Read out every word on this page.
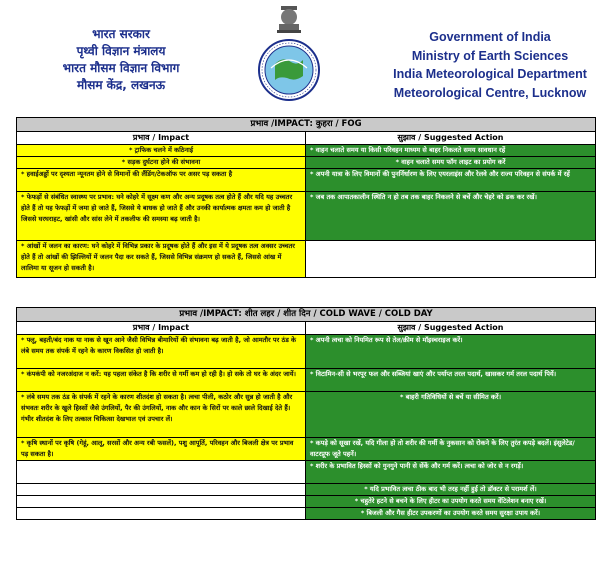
भारत सरकार
पृथ्वी विज्ञान मंत्रालय
भारत मौसम विज्ञान विभाग
मौसम केंद्र, लखनऊ
Government of India
Ministry of Earth Sciences
India Meteorological Department
Meteorological Centre, Lucknow
प्रभाव /IMPACT: कुहरा / FOG	
प्रभाव / Impact	सुझाव / Suggested Action
* ट्राफिक चलने में कठिनाई	* वाहन चलाते समय या किसी परिवहन माध्यम से बाहर निकलते समय सावधान रहें
* सड़क दुर्घटना होने की संभावना	* वाहन चलाते समय फॉग लाइट का प्रयोग करें
* हवाईअड्डों पर दृश्यता न्यूनतम होने से विमानों की लैंडिंग/टेकऑफ पर असर पड़ सकता है	* अपनी यात्रा के लिए विमानों की पुनर्निर्धारण के लिए एयरलाइंस और रेलवे और राज्य परिवहन से संपर्क में रहें
* फेफड़ों से संबंधित स्वास्थ्य पर प्रभाव: घने कोहरे में सूक्ष्म कण और अन्य प्रदूषक तत्व होते हैं और यदि यह उच्चतर होते हैं तो यह फेफड़ों में जमा हो जाते हैं, जिससे ये बाधक हो जाते हैं और उनकी कार्यात्मक क्षमता कम हो जाती है जिससे घरघराहट, खांसी और सांस लेने में तकलीफ की समस्या बढ़ जाती है।	* जब तक आपातकालीन स्थिति न हो तब तक बाहर निकलने से बचें और चेहरे को ढक कर रखें।
* आंखों में जलन का कारण: घने कोहरे में विभिन्न प्रकार के प्रदूषक होते हैं और इस में ये प्रदूषक तत्व अक्सर उच्चतर होते हैं तो आंखों की झिल्लियों में जलन पैदा कर सकते हैं, जिससे विभिन्न संक्रमण हो सकते हैं, जिससे आंख में लालिमा या सूजन हो सकती है।	
प्रभाव /IMPACT: शीत लहर / शीत दिन / COLD WAVE / COLD DAY	
प्रभाव / Impact	सुझाव / Suggested Action
* फ्लू, बहती/बंद नाक या नाक से खून आने जैसी विभिन्न बीमारियों की संभावना बढ़ जाती है, जो आमतौर पर ठंड के लंबे समय तक संपर्क में रहने के कारण विकसित हो जाती है।	* अपनी त्वचा को नियमित रूप से तेल/क्रीम से मॉइस्चराइज करें।
* कंपकंपी को नजरअंदाज न करें: यह पहला संकेत है कि शरीर से गर्मी कम हो रही है। हो सके तो घर के अंदर जायें।	* विटामिन-सी से भरपूर फल और सब्जियां खाएं और पर्याप्त तरल पदार्थ, खासकर गर्म तरल पदार्थ पियें।
* लंबे समय तक ठंड के संपर्क में रहने के कारण शीतदंश हो सकता है। त्वचा पीली, कठोर और सुन्न हो जाती है और संभवतः शरीर के खुले हिस्सों जैसे उंगलियों, पैर की उंगलियों, नाक और कान के सिरों पर काले छाले दिखाई देते हैं। गंभीर शीतदंश के लिए तत्काल चिकित्सा देखभाल एवं उपचार लें।	* बाहरी गतिविधियों से बचें या सीमित करें।
* कृषि स्थानों पर कृषि (गेहूं, आलू, सरसों और अन्य रबी फसलें), पशु आपूर्ति, परिवहन और बिजली क्षेत्र पर प्रभाव पड़ सकता है।	* कपड़े को सूखा रखें, यदि गीला हो तो शरीर की गर्मी के नुकसान को रोकने के लिए तुरंत कपड़े बदलें। इंसुलेटेड/वाटरप्रूफ जूते पहनें।
	* शरीर के प्रभावित हिस्सों को गुनगुने पानी से सेंकें और गर्म करें। त्वचा को जोर से न रगड़ें।
	* यदि प्रभावित त्वचा ठीक बाद भी तरह नहीं हुई तो डॉक्टर से परामर्श लें।
	* चहुतेरे हटने से बचने के लिए हीटर का उपयोग करते समय वेंटिलेशन बनाए रखें।
	* बिजली और गैस हीटर उपकरणों का उपयोग करते समय सुरक्षा उपाय करें।
